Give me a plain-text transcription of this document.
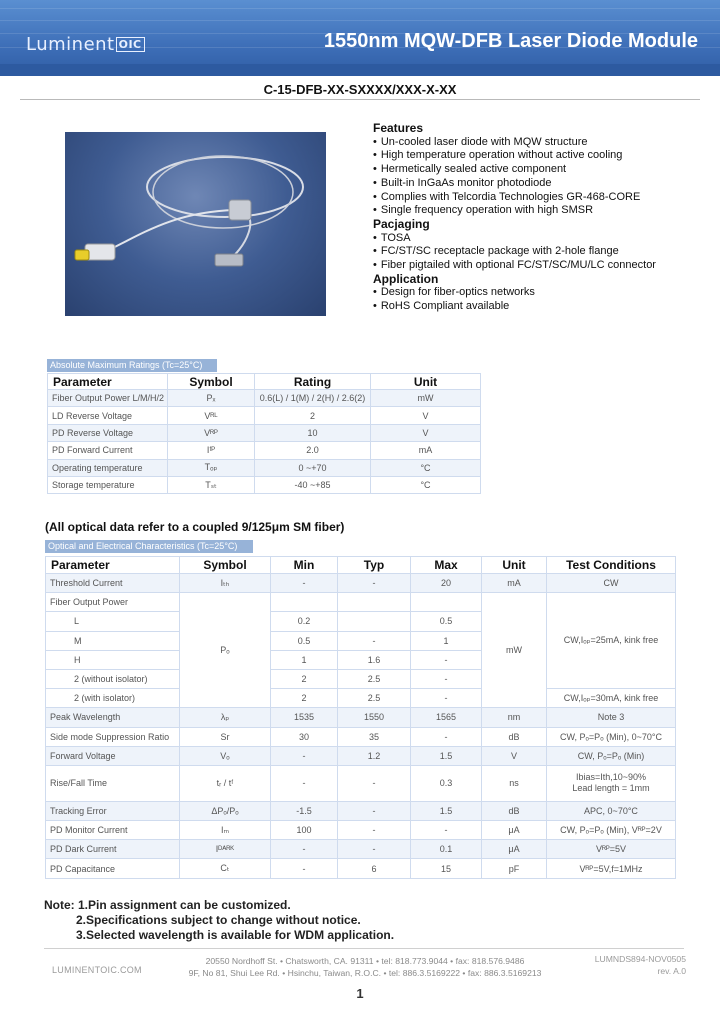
Luminent OIC	1550nm MQW-DFB Laser Diode Module
C-15-DFB-XX-SXXXX/XXX-X-XX
Features
• Un-cooled laser diode with MQW structure
• High temperature operation without active cooling
• Hermetically sealed active component
• Built-in InGaAs monitor photodiode
• Complies with Telcordia Technologies GR-468-CORE
• Single frequency operation with high SMSR
Pacjaging
• TOSA
• FC/ST/SC receptacle package with 2-hole flange
• Fiber pigtailed with optional FC/ST/SC/MU/LC connector
Application
• Design for fiber-optics networks
• RoHS Compliant available
Absolute Maximum Ratings (Tc=25°C)
Parameter	Symbol	Rating	Unit
Fiber Output Power L/M/H/2	Pₓ	0.6(L) / 1(M) / 2(H) / 2.6(2)	mW
LD Reverse Voltage	Vᴿᴸ	2	V
PD Reverse Voltage	Vᴿᴾ	10	V
PD Forward Current	Iᶠᴾ	2.0	mA
Operating temperature	Tₒₚ	0 ~+70	°C
Storage temperature	Tₛₜ	-40 ~+85	°C
(All optical data refer to a coupled 9/125μm SM fiber)
Optical and Electrical Characteristics (Tc=25°C)
Parameter	Symbol	Min	Typ	Max	Unit	Test Conditions
Threshold Current	Iₜₕ	-	-	20	mA	CW
Fiber Output Power	Pₒ				mW	CW,Iₒₚ=25mA, kink free
L		0.2		0.5		
M		0.5	-	1		
H		1	1.6	-		
2 (without isolator)		2	2.5	-		
2 (with isolator)		2	2.5	-		CW,Iₒₚ=30mA, kink free
Peak Wavelength	λₚ	1535	1550	1565	nm	Note 3
Side mode Suppression Ratio	Sr	30	35	-	dB	CW, Pₒ=Pₒ (Min), 0~70°C
Forward Voltage	Vₒ	-	1.2	1.5	V	CW, Pₒ=Pₒ (Min)
Rise/Fall Time	tᵣ / tᶠ	-	-	0.3	ns	Ibias=Ith,10~90%
Lead length = 1mm
Tracking Error	ΔPₒ/Pₒ	-1.5	-	1.5	dB	APC, 0~70°C
PD Monitor Current	Iₘ	100	-	-	μA	CW, Pₒ=Pₒ (Min), Vᴿᴾ=2V
PD Dark Current	Iᴰᴬᴿᴷ	-	-	0.1	μA	Vᴿᴾ=5V
PD Capacitance	Cₜ	-	6	15	pF	Vᴿᴾ=5V,f=1MHz
Note: 1.Pin assignment can be customized.
2.Specifications subject to change without notice.
3.Selected wavelength is available for WDM application.
LUMINENTOIC.COM
20550 Nordhoff St. • Chatsworth, CA. 91311 • tel: 818.773.9044 • fax: 818.576.9486
9F, No 81, Shui Lee Rd. • Hsinchu, Taiwan, R.O.C. • tel: 886.3.5169222 • fax: 886.3.5169213
LUMNDS894-NOV0505
rev. A.0
1
